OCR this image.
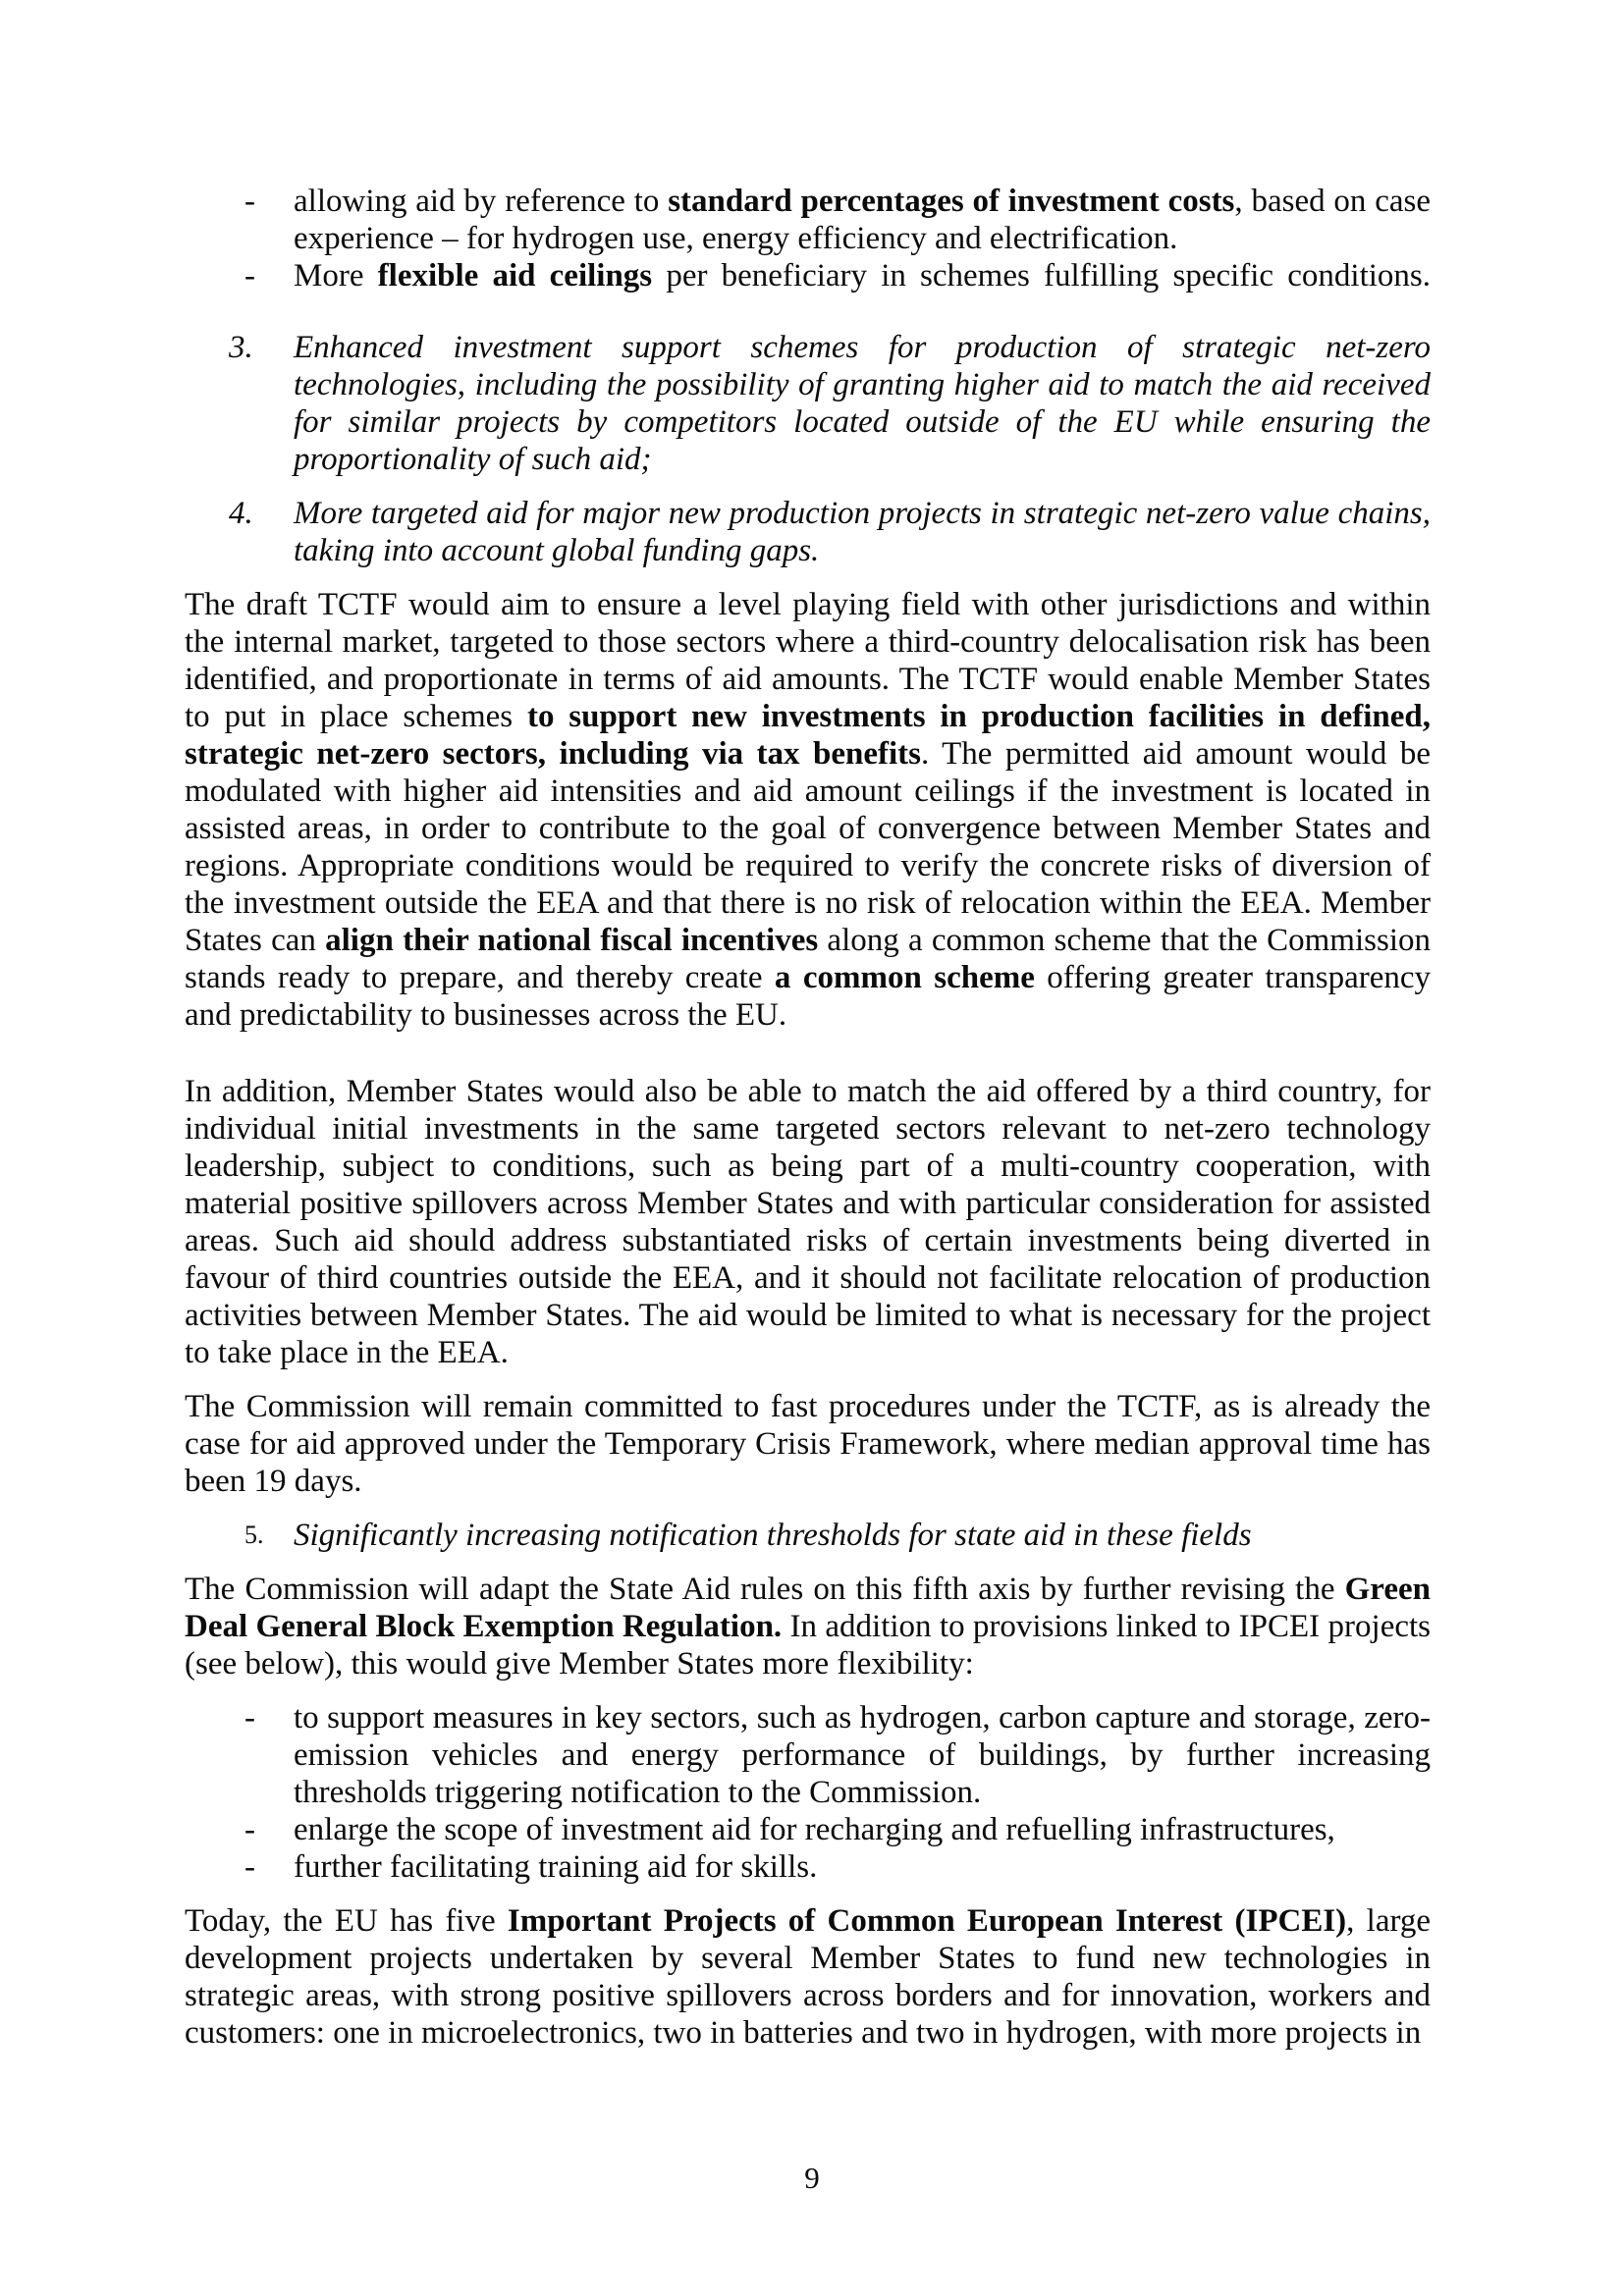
- allowing aid by reference to standard percentages of investment costs, based on case experience – for hydrogen use, energy efficiency and electrification.
- More flexible aid ceilings per beneficiary in schemes fulfilling specific conditions.
3. Enhanced investment support schemes for production of strategic net-zero technologies, including the possibility of granting higher aid to match the aid received for similar projects by competitors located outside of the EU while ensuring the proportionality of such aid;
4. More targeted aid for major new production projects in strategic net-zero value chains, taking into account global funding gaps.

The draft TCTF would aim to ensure a level playing field with other jurisdictions and within the internal market, targeted to those sectors where a third-country delocalisation risk has been identified, and proportionate in terms of aid amounts. The TCTF would enable Member States to put in place schemes to support new investments in production facilities in defined, strategic net-zero sectors, including via tax benefits. The permitted aid amount would be modulated with higher aid intensities and aid amount ceilings if the investment is located in assisted areas, in order to contribute to the goal of convergence between Member States and regions. Appropriate conditions would be required to verify the concrete risks of diversion of the investment outside the EEA and that there is no risk of relocation within the EEA. Member States can align their national fiscal incentives along a common scheme that the Commission stands ready to prepare, and thereby create a common scheme offering greater transparency and predictability to businesses across the EU.

In addition, Member States would also be able to match the aid offered by a third country, for individual initial investments in the same targeted sectors relevant to net-zero technology leadership, subject to conditions, such as being part of a multi-country cooperation, with material positive spillovers across Member States and with particular consideration for assisted areas. Such aid should address substantiated risks of certain investments being diverted in favour of third countries outside the EEA, and it should not facilitate relocation of production activities between Member States. The aid would be limited to what is necessary for the project to take place in the EEA.

The Commission will remain committed to fast procedures under the TCTF, as is already the case for aid approved under the Temporary Crisis Framework, where median approval time has been 19 days.

5. Significantly increasing notification thresholds for state aid in these fields

The Commission will adapt the State Aid rules on this fifth axis by further revising the Green Deal General Block Exemption Regulation. In addition to provisions linked to IPCEI projects (see below), this would give Member States more flexibility:

- to support measures in key sectors, such as hydrogen, carbon capture and storage, zero-emission vehicles and energy performance of buildings, by further increasing thresholds triggering notification to the Commission.
- enlarge the scope of investment aid for recharging and refuelling infrastructures,
- further facilitating training aid for skills.

Today, the EU has five Important Projects of Common European Interest (IPCEI), large development projects undertaken by several Member States to fund new technologies in strategic areas, with strong positive spillovers across borders and for innovation, workers and customers: one in microelectronics, two in batteries and two in hydrogen, with more projects in

9
